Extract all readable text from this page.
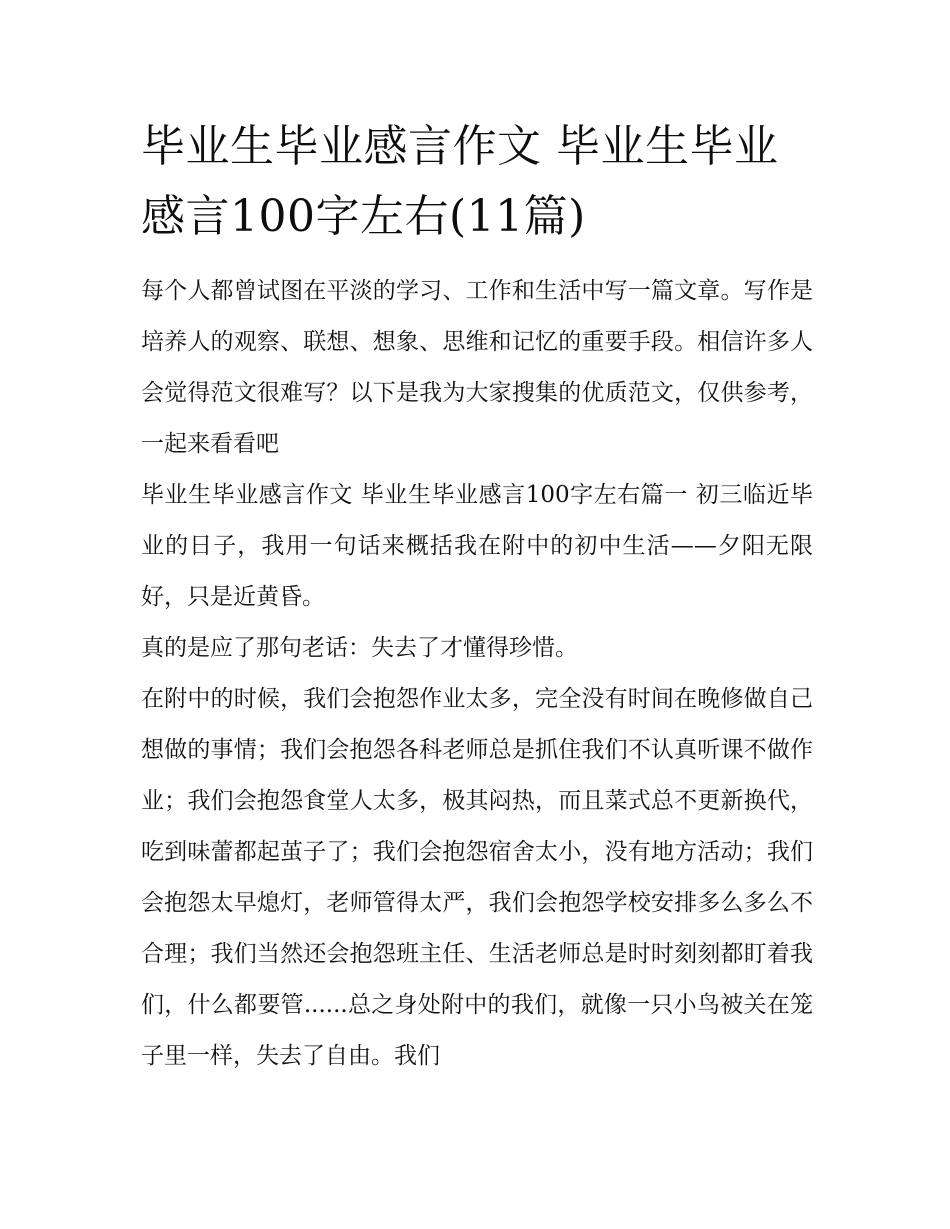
毕业生毕业感言作文 毕业生毕业感言100字左右(11篇)

每个人都曾试图在平淡的学习、工作和生活中写一篇文章。写作是培养人的观察、联想、想象、思维和记忆的重要手段。相信许多人会觉得范文很难写？以下是我为大家搜集的优质范文，仅供参考，一起来看看吧

毕业生毕业感言作文 毕业生毕业感言100字左右篇一 初三临近毕业的日子，我用一句话来概括我在附中的初中生活——夕阳无限好，只是近黄昏。

真的是应了那句老话：失去了才懂得珍惜。

在附中的时候，我们会抱怨作业太多，完全没有时间在晚修做自己想做的事情；我们会抱怨各科老师总是抓住我们不认真听课不做作业；我们会抱怨食堂人太多，极其闷热，而且菜式总不更新换代，吃到味蕾都起茧子了；我们会抱怨宿舍太小，没有地方活动；我们会抱怨太早熄灯，老师管得太严，我们会抱怨学校安排多么多么不合理；我们当然还会抱怨班主任、生活老师总是时时刻刻都盯着我们，什么都要管......总之身处附中的我们，就像一只小鸟被关在笼子里一样，失去了自由。我们
